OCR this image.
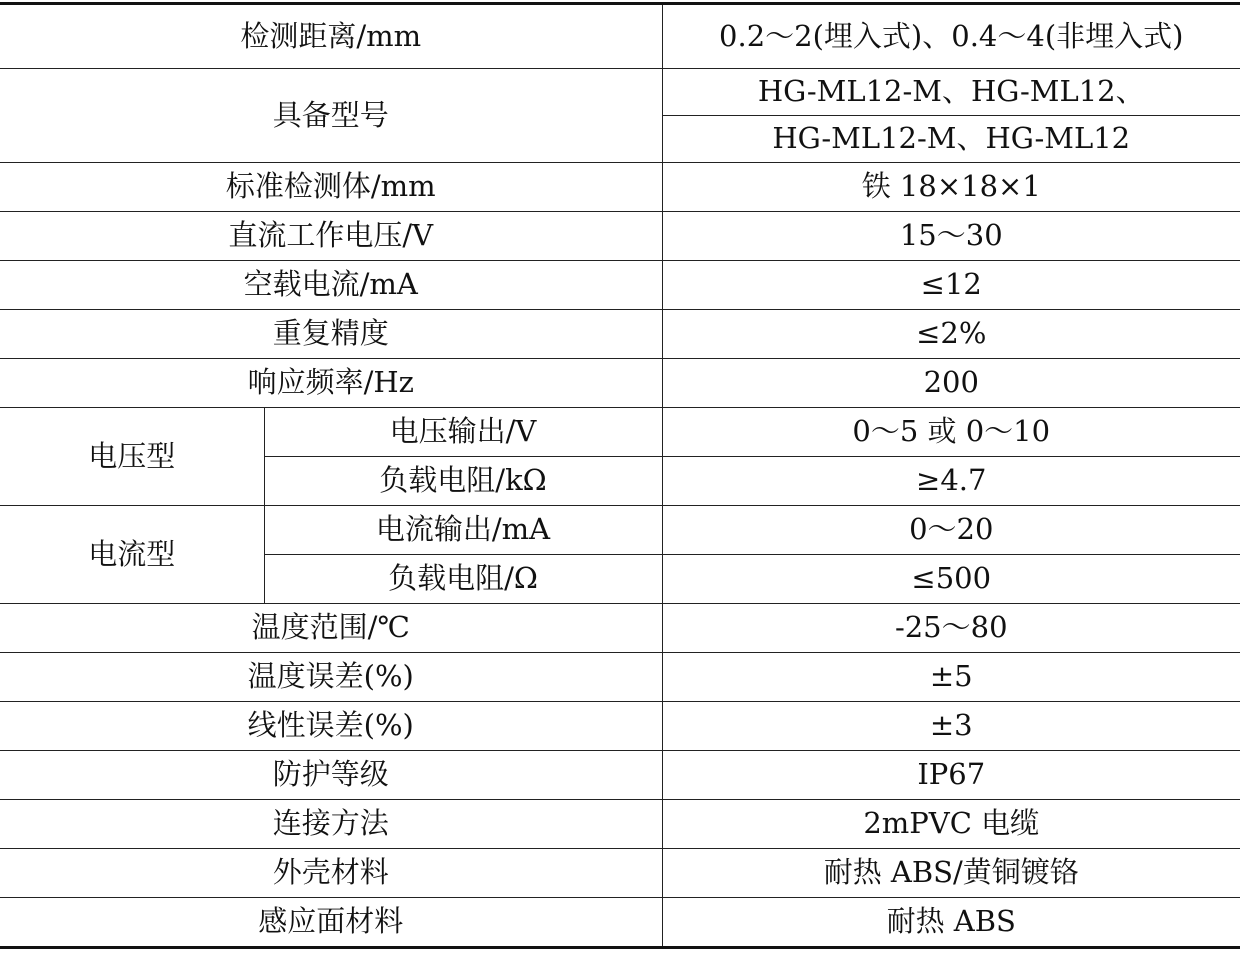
检测距离/mm		0.2～2(埋入式)、0.4～4(非埋入式)
具备型号		HG-ML12-M、HG-ML12、
		HG-ML12-M、HG-ML12
标准检测体/mm		铁 18×18×1
直流工作电压/V		15～30
空载电流/mA		≤12
重复精度		≤2%
响应频率/Hz		200
电压型	电压输出/V	0～5 或 0～10
	负载电阻/kΩ	≥4.7
电流型	电流输出/mA	0～20
	负载电阻/Ω	≤500
温度范围/℃		-25～80
温度误差(%)		±5
线性误差(%)		±3
防护等级		IP67
连接方法		2mPVC 电缆
外壳材料		耐热 ABS/黄铜镀铬
感应面材料		耐热 ABS
